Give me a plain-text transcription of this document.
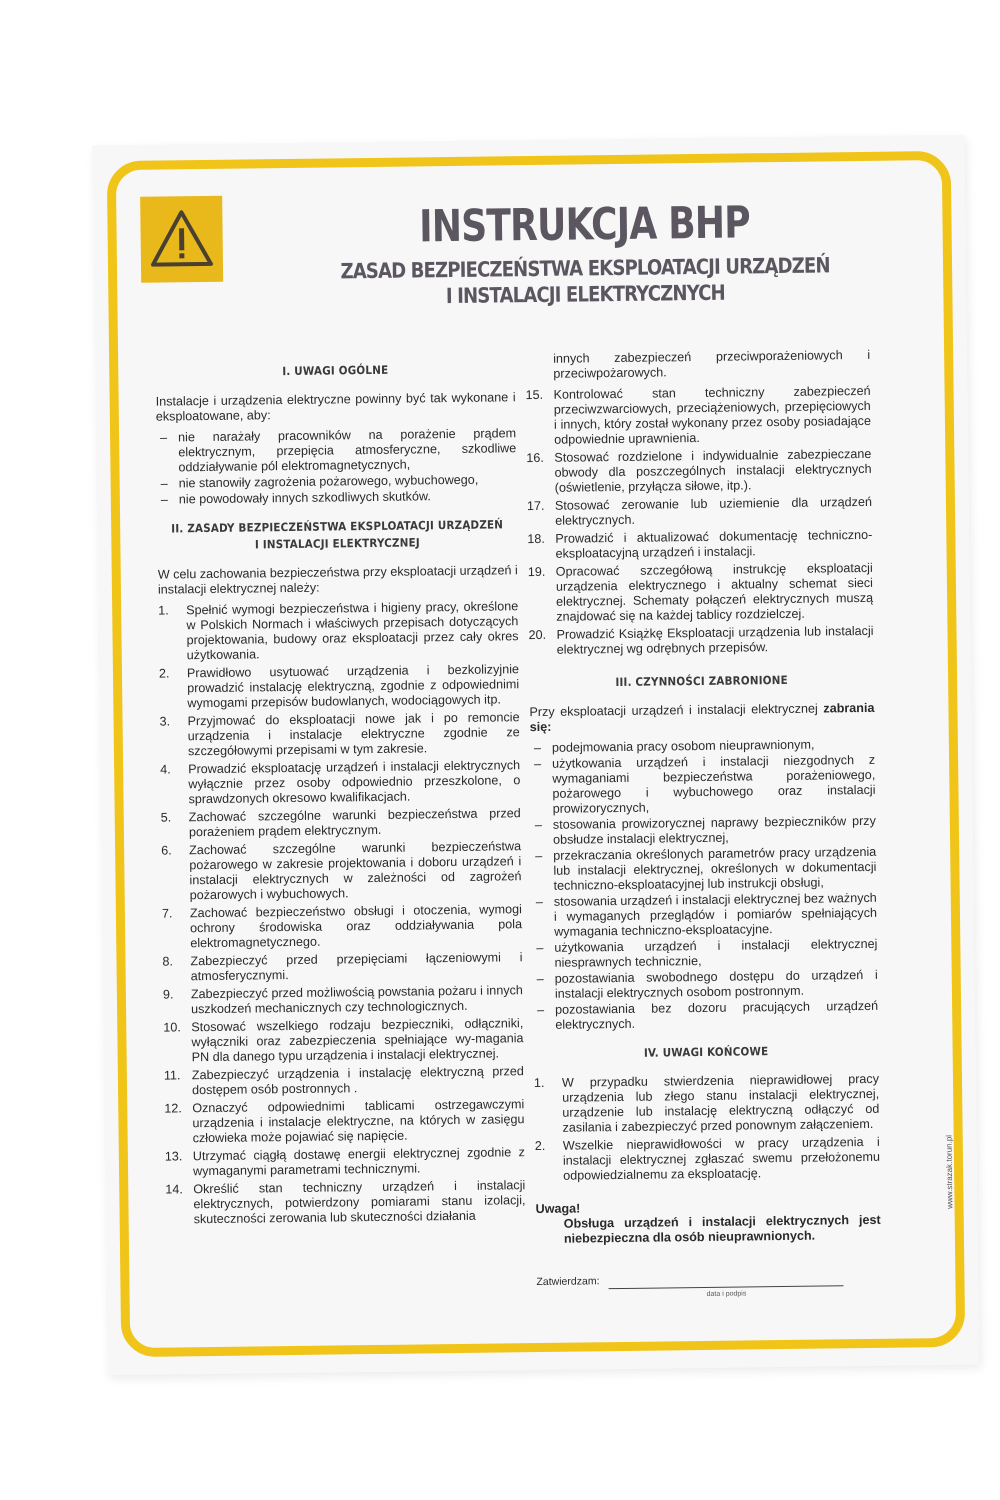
INSTRUKCJA BHP
ZASAD BEZPIECZEŃSTWA EKSPLOATACJI URZĄDZEŃ
I INSTALACJI ELEKTRYCZNYCH
I. UWAGI OGÓLNE

Instalacje i urządzenia elektryczne powinny być tak wykonane i eksploatowane, aby:

– nie narażały pracowników na porażenie prądem elektrycznym, przepięcia atmosferyczne, szkodliwe oddziaływanie pól elektromagnetycznych,
– nie stanowiły zagrożenia pożarowego, wybuchowego,
– nie powodowały innych szkodliwych skutków.
II. ZASADY BEZPIECZEŃSTWA EKSPLOATACJI URZĄDZEŃ
I INSTALACJI ELEKTRYCZNEJ

W celu zachowania bezpieczeństwa przy eksploatacji urządzeń i instalacji elektrycznej należy:

1. Spełnić wymogi bezpieczeństwa i higieny pracy, określone w Polskich Normach i właściwych przepisach dotyczących projektowania, budowy oraz eksploatacji przez cały okres użytkowania.
2. Prawidłowo usytuować urządzenia i bezkolizyjnie prowadzić instalację elektryczną, zgodnie z odpowiednimi wymogami przepisów budowlanych, wodociągowych itp.
3. Przyjmować do eksploatacji nowe jak i po remoncie urządzenia i instalacje elektryczne zgodnie ze szczegółowymi przepisami w tym zakresie.
4. Prowadzić eksploatację urządzeń i instalacji elektrycznych wyłącznie przez osoby odpowiednio przeszkolone, o sprawdzonych okresowo kwalifikacjach.
5. Zachować szczególne warunki bezpieczeństwa przed porażeniem prądem elektrycznym.
6. Zachować szczególne warunki bezpieczeństwa pożarowego w zakresie projektowania i doboru urządzeń i instalacji elektrycznych w zależności od zagrożeń pożarowych i wybuchowych.
7. Zachować bezpieczeństwo obsługi i otoczenia, wymogi ochrony środowiska oraz oddziaływania pola elektromagnetycznego.
8. Zabezpieczyć przed przepięciami łączeniowymi i atmosferycznymi.
9. Zabezpieczyć przed możliwością powstania pożaru i innych uszkodzeń mechanicznych czy technologicznych.
10. Stosować wszelkiego rodzaju bezpieczniki, odłączniki, wyłączniki oraz zabezpieczenia spełniające wy-magania PN dla danego typu urządzenia i instalacji elektrycznej.
11. Zabezpieczyć urządzenia i instalację elektryczną przed dostępem osób postronnych .
12. Oznaczyć odpowiednimi tablicami ostrzegawczymi urządzenia i instalacje elektryczne, na których w zasięgu człowieka może pojawiać się napięcie.
13. Utrzymać ciągłą dostawę energii elektrycznej zgodnie z wymaganymi parametrami technicznymi.
14. Określić stan techniczny urządzeń i instalacji elektrycznych, potwierdzony pomiarami stanu izolacji, skuteczności zerowania lub skuteczności działania

innych zabezpieczeń przeciwporażeniowych i przeciwpożarowych.

15. Kontrolować stan techniczny zabezpieczeń przeciwzwarciowych, przeciążeniowych, przepięciowych i innych, który został wykonany przez osoby posiadające odpowiednie uprawnienia.
16. Stosować rozdzielone i indywidualnie zabezpieczane obwody dla poszczególnych instalacji elektrycznych (oświetlenie, przyłącza siłowe, itp.).
17. Stosować zerowanie lub uziemienie dla urządzeń elektrycznych.
18. Prowadzić i aktualizować dokumentację techniczno-eksploatacyjną urządzeń i instalacji.
19. Opracować szczegółową instrukcję eksploatacji urządzenia elektrycznego i aktualny schemat sieci elektrycznej. Schematy połączeń elektrycznych muszą znajdować się na każdej tablicy rozdzielczej.
20. Prowadzić Książkę Eksploatacji urządzenia lub instalacji elektrycznej wg odrębnych przepisów.
III. CZYNNOŚCI ZABRONIONE

Przy eksploatacji urządzeń i instalacji elektrycznej zabrania się:

– podejmowania pracy osobom nieuprawnionym,
– użytkowania urządzeń i instalacji niezgodnych z wymaganiami bezpieczeństwa porażeniowego, pożarowego i wybuchowego oraz instalacji prowizorycznych,
– stosowania prowizorycznej naprawy bezpieczników przy obsłudze instalacji elektrycznej,
– przekraczania określonych parametrów pracy urządzenia lub instalacji elektrycznej, określonych w dokumentacji techniczno-eksploatacyjnej lub instrukcji obsługi,
– stosowania urządzeń i instalacji elektrycznej bez ważnych i wymaganych przeglądów i pomiarów spełniających wymagania techniczno-eksploatacyjne.
– użytkowania urządzeń i instalacji elektrycznej niesprawnych technicznie,
– pozostawiania swobodnego dostępu do urządzeń i instalacji elektrycznych osobom postronnym.
– pozostawiania bez dozoru pracujących urządzeń elektrycznych.
IV. UWAGI KOŃCOWE
1. W przypadku stwierdzenia nieprawidłowej pracy urządzenia lub złego stanu instalacji elektrycznej, urządzenie lub instalację elektryczną odłączyć od zasilania i zabezpieczyć przed ponownym załączeniem.
2. Wszelkie nieprawidłowości w pracy urządzenia i instalacji elektrycznej zgłaszać swemu przełożonemu odpowiedzialnemu za eksploatację.
Uwaga!
Obsługa urządzeń i instalacji elektrycznych jest niebezpieczna dla osób nieuprawnionych.
Zatwierdzam:
data i podpis
www.strazak.torun.pl
